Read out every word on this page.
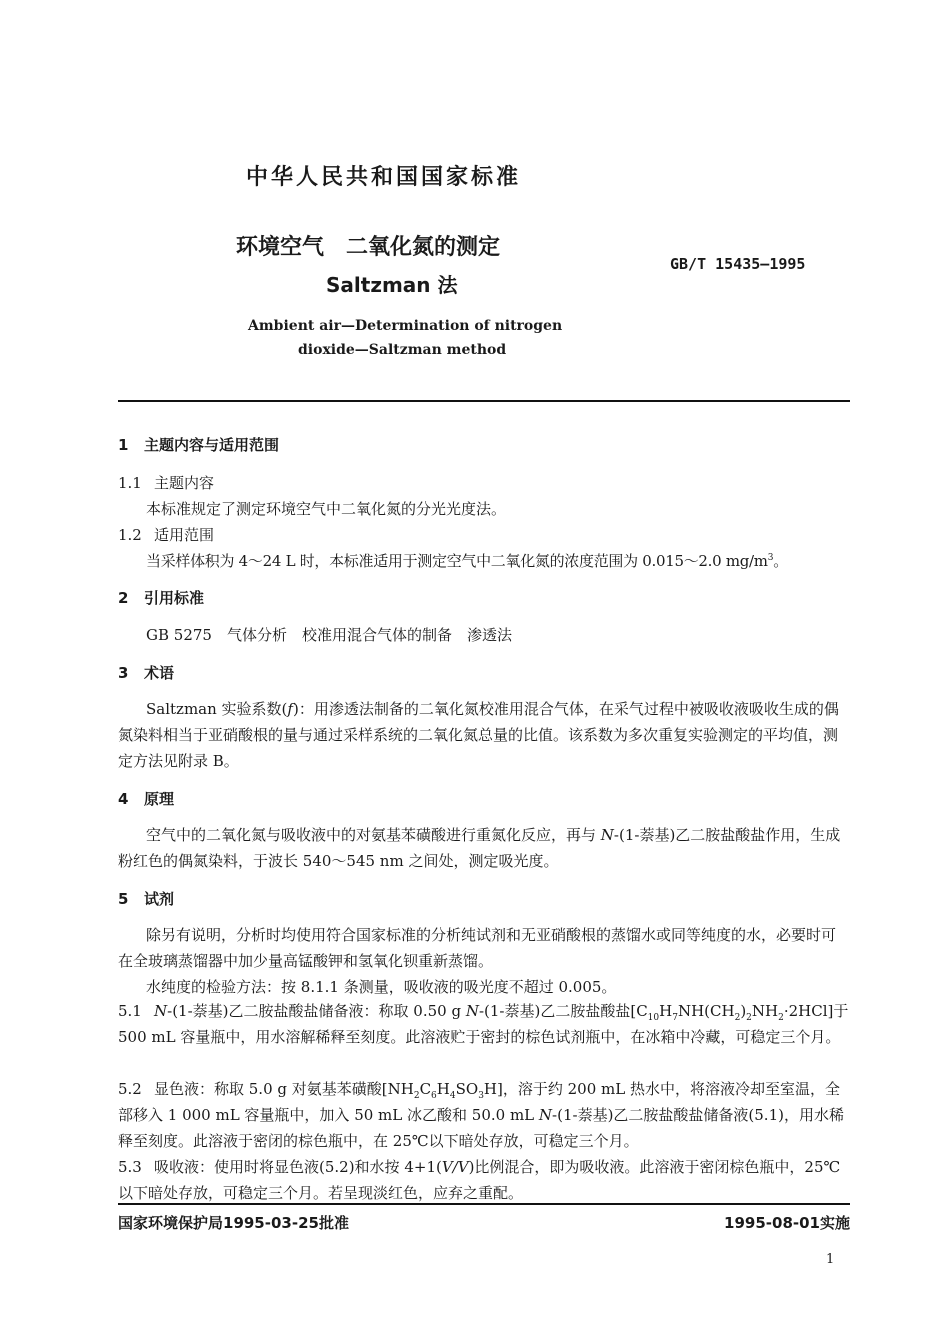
中华人民共和国国家标准
环境空气　二氧化氮的测定
Saltzman 法
GB/T 15435—1995
Ambient air—Determination of nitrogen
dioxide—Saltzman method
1 主题内容与适用范围
1.1 主题内容
本标准规定了测定环境空气中二氧化氮的分光光度法。
1.2 适用范围
当采样体积为 4～24 L 时，本标准适用于测定空气中二氧化氮的浓度范围为 0.015～2.0 $mg/m^3$。
2 引用标准
GB 5275　气体分析　校准用混合气体的制备　渗透法
3 术语
Saltzman 实验系数(f)：用渗透法制备的二氧化氮校准用混合气体，在采气过程中被吸收液吸收生成的偶氮染料相当于亚硝酸根的量与通过采样系统的二氧化氮总量的比值。该系数为多次重复实验测定的平均值，测定方法见附录 B。
4 原理
空气中的二氧化氮与吸收液中的对氨基苯磺酸进行重氮化反应，再与 N-(1-萘基)乙二胺盐酸盐作用，生成粉红色的偶氮染料，于波长 540～545 nm 之间处，测定吸光度。
5 试剂
除另有说明，分析时均使用符合国家标准的分析纯试剂和无亚硝酸根的蒸馏水或同等纯度的水，必要时可在全玻璃蒸馏器中加少量高锰酸钾和氢氧化钡重新蒸馏。
水纯度的检验方法：按 8.1.1 条测量，吸收液的吸光度不超过 0.005。
5.1 N-(1-萘基)乙二胺盐酸盐储备液：称取 0.50 g N-(1-萘基)乙二胺盐酸盐$[C_{10}H_7NH(CH_2)_2NH_2\cdot 2HCl]$于 500 mL 容量瓶中，用水溶解稀释至刻度。此溶液贮于密封的棕色试剂瓶中，在冰箱中冷藏，可稳定三个月。
5.2 显色液：称取 5.0 g 对氨基苯磺酸$[NH_2C_6H_4SO_3H]$，溶于约 200 mL 热水中，将溶液冷却至室温，全部移入 1 000 mL 容量瓶中，加入 50 mL 冰乙酸和 50.0 mL N-(1-萘基)乙二胺盐酸盐储备液(5.1)，用水稀释至刻度。此溶液于密闭的棕色瓶中，在 25℃以下暗处存放，可稳定三个月。
5.3 吸收液：使用时将显色液(5.2)和水按 4+1(V/V)比例混合，即为吸收液。此溶液于密闭棕色瓶中，25℃以下暗处存放，可稳定三个月。若呈现淡红色，应弃之重配。
国家环境保护局1995-03-25批准	1995-08-01实施
1
